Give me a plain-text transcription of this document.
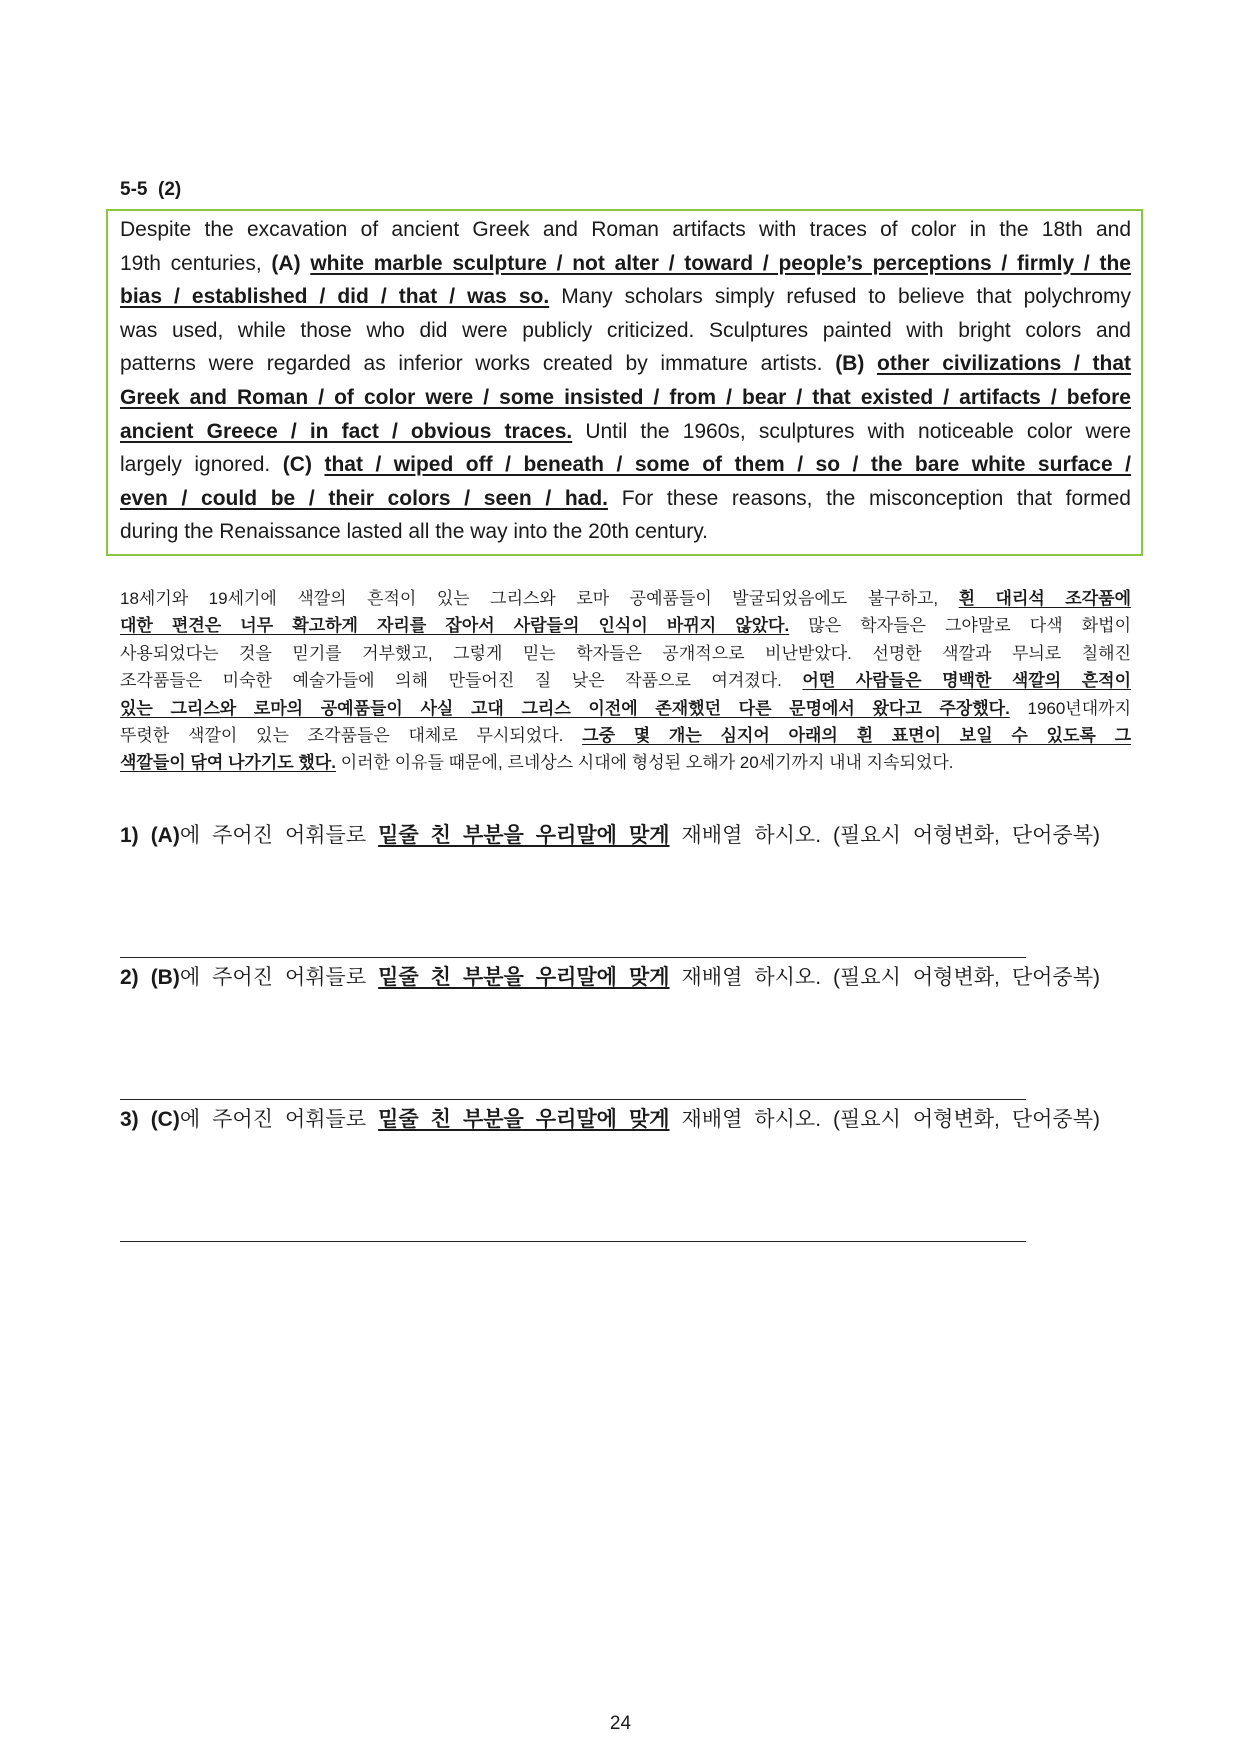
5-5  (2)
Despite the excavation of ancient Greek and Roman artifacts with traces of color in the 18th and
19th centuries, (A) white marble sculpture / not alter / toward / people’s perceptions / firmly / the
bias / established / did / that / was so. Many scholars simply refused to believe that polychromy
was used, while those who did were publicly criticized. Sculptures painted with bright colors and
patterns were regarded as inferior works created by immature artists. (B) other civilizations / that
Greek and Roman / of color were / some insisted / from / bear / that existed / artifacts / before
ancient Greece / in fact / obvious traces. Until the 1960s, sculptures with noticeable color were
largely ignored. (C) that / wiped off / beneath / some of them / so / the bare white surface /
even / could be / their colors / seen / had. For these reasons, the misconception that formed
during the Renaissance lasted all the way into the 20th century.
18세기와 19세기에 색깔의 흔적이 있는 그리스와 로마 공예품들이 발굴되었음에도 불구하고, 흰 대리석 조각품에
대한 편견은 너무 확고하게 자리를 잡아서 사람들의 인식이 바뀌지 않았다. 많은 학자들은 그야말로 다색 화법이
사용되었다는 것을 믿기를 거부했고, 그렇게 믿는 학자들은 공개적으로 비난받았다. 선명한 색깔과 무늬로 칠해진
조각품들은 미숙한 예술가들에 의해 만들어진 질 낮은 작품으로 여겨졌다. 어떤 사람들은 명백한 색깔의 흔적이
있는 그리스와 로마의 공예품들이 사실 고대 그리스 이전에 존재했던 다른 문명에서 왔다고 주장했다. 1960년대까지
뚜렷한 색깔이 있는 조각품들은 대체로 무시되었다. 그중 몇 개는 심지어 아래의 흰 표면이 보일 수 있도록 그
색깔들이 닦여 나가기도 했다. 이러한 이유들 때문에, 르네상스 시대에 형성된 오해가 20세기까지 내내 지속되었다.
1) (A)에 주어진 어휘들로 밑줄 친 부분을 우리말에 맞게 재배열 하시오. (필요시 어형변화, 단어중복)
2) (B)에 주어진 어휘들로 밑줄 친 부분을 우리말에 맞게 재배열 하시오. (필요시 어형변화, 단어중복)
3) (C)에 주어진 어휘들로 밑줄 친 부분을 우리말에 맞게 재배열 하시오. (필요시 어형변화, 단어중복)
24
